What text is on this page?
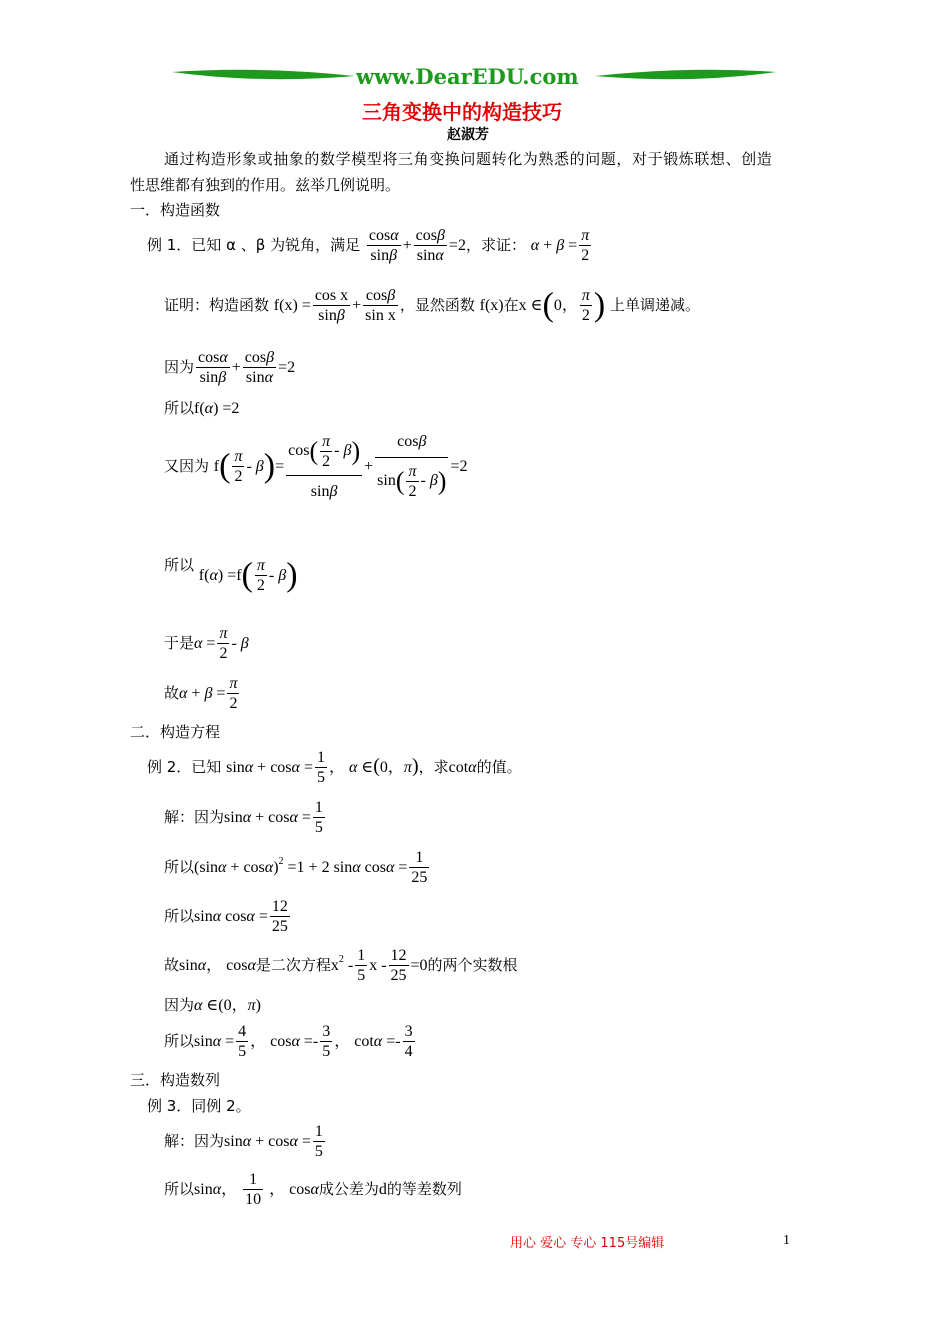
www.DearEDU.com
三角变换中的构造技巧
赵淑芳
通过构造形象或抽象的数学模型将三角变换问题转化为熟悉的问题，对于锻炼联想、创造
性思维都有独到的作用。兹举几例说明。
一．构造函数
例 1．已知 α 、β 为锐角，满足 $\frac{\cos\alpha}{\sin\beta} + \frac{\cos\beta}{\sin\alpha} =2$，求证： $\alpha + \beta = \frac{\pi}{2}$
证明：构造函数 $f(x) = \frac{\text{cos x}}{\sin\beta} + \frac{\cos\beta}{\text{sin x}}$ ，显然函数 f(x)在x ∈(0， $\frac{\pi}{2}$ ) 上单调递减。
因为 $\frac{\cos\alpha}{\sin\beta} + \frac{\cos\beta}{\sin\alpha} =2$
所以f(α) =2
又因为 $f( \frac{\pi}{2} - \beta)= \frac{\cos( \frac{\pi}{2} - \beta)}{\sin\beta} + \frac{\cos\beta}{\sin( \frac{\pi}{2} - \beta)} =2$
所以 $f(\alpha) =f( \frac{\pi}{2} - \beta)$
于是$\alpha = \frac{\pi}{2} - \beta$
故$\alpha + \beta = \frac{\pi}{2}$
二．构造方程
例 2．已知 $\sin\alpha + \cos\alpha = \frac{1}{5}$ ， α ∈(0，π)，求cotα的值。
解：因为$\sin\alpha + \cos\alpha = \frac{1}{5}$
所以$(\sin\alpha + \cos\alpha)^2 =1 + 2$ sinα $\cos\alpha = \frac{1}{25}$
所以sinα $\cos\alpha = \frac{12}{25}$
故sinα， cosα是二次方程$x^2 - \frac{1}{5}$ $x - \frac{12}{25} =0$的两个实数根
因为α ∈(0，π)
所以$\sin\alpha = \frac{4}{5}$ ， $\cos\alpha =- \frac{3}{5}$ ， $\cot\alpha =- \frac{3}{4}$
三．构造数列
例 3．同例 2。
解：因为$\sin\alpha + \cos\alpha = \frac{1}{5}$
所以sinα， $\frac{1}{10}$ ， cosα成公差为d的等差数列
用心 爱心 专心 115号编辑	1
